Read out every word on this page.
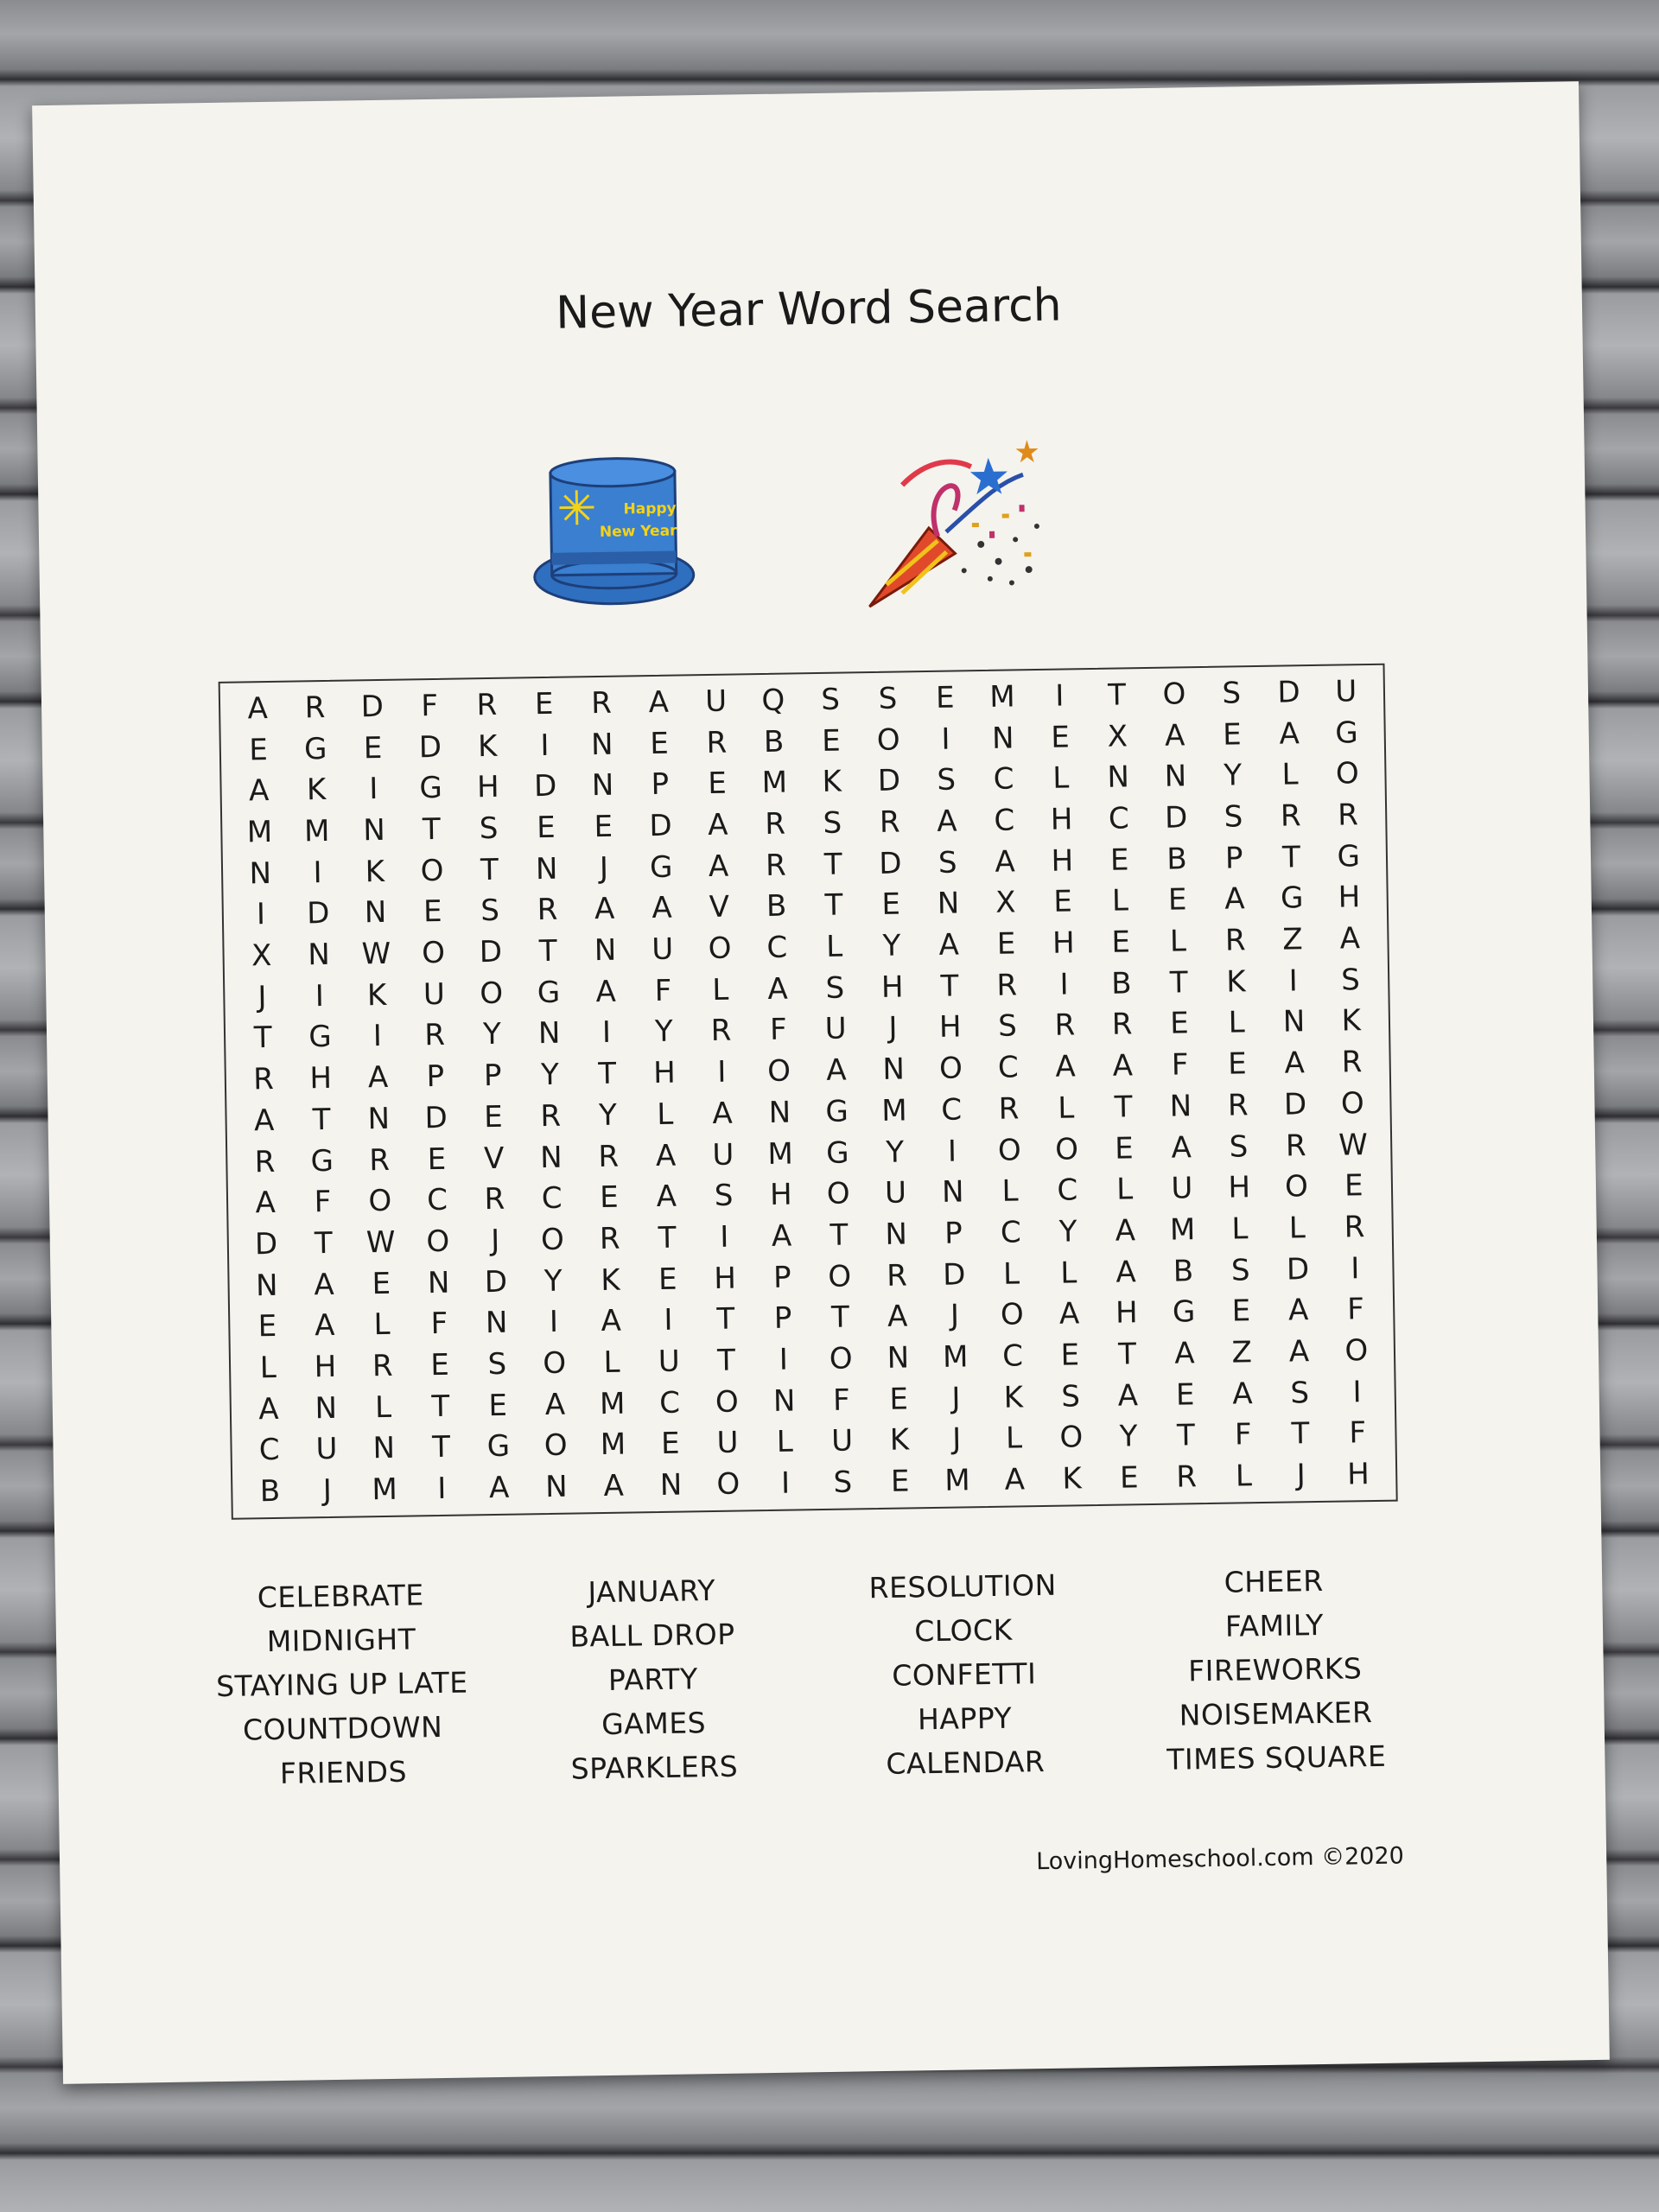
New Year Word Search
Happy
New Year
A	R	D	F	R	E	R	A	U	Q	S	S	E	M	I	T	O	S	D	U
E	G	E	D	K	I	N	E	R	B	E	O	I	N	E	X	A	E	A	G
A	K	I	G	H	D	N	P	E	M	K	D	S	C	L	N	N	Y	L	O
M	M	N	T	S	E	E	D	A	R	S	R	A	C	H	C	D	S	R	R
N	I	K	O	T	N	J	G	A	R	T	D	S	A	H	E	B	P	T	G
I	D	N	E	S	R	A	A	V	B	T	E	N	X	E	L	E	A	G	H
X	N	W	O	D	T	N	U	O	C	L	Y	A	E	H	E	L	R	Z	A
J	I	K	U	O	G	A	F	L	A	S	H	T	R	I	B	T	K	I	S
T	G	I	R	Y	N	I	Y	R	F	U	J	H	S	R	R	E	L	N	K
R	H	A	P	P	Y	T	H	I	O	A	N	O	C	A	A	F	E	A	R
A	T	N	D	E	R	Y	L	A	N	G	M	C	R	L	T	N	R	D	O
R	G	R	E	V	N	R	A	U	M	G	Y	I	O	O	E	A	S	R	W
A	F	O	C	R	C	E	A	S	H	O	U	N	L	C	L	U	H	O	E
D	T	W	O	J	O	R	T	I	A	T	N	P	C	Y	A	M	L	L	R
N	A	E	N	D	Y	K	E	H	P	O	R	D	L	L	A	B	S	D	I
E	A	L	F	N	I	A	I	T	P	T	A	J	O	A	H	G	E	A	F
L	H	R	E	S	O	L	U	T	I	O	N	M	C	E	T	A	Z	A	O
A	N	L	T	E	A	M	C	O	N	F	E	J	K	S	A	E	A	S	I
C	U	N	T	G	O	M	E	U	L	U	K	J	L	O	Y	T	F	T	F
B	J	M	I	A	N	A	N	O	I	S	E	M	A	K	E	R	L	J	H
CELEBRATE
MIDNIGHT
STAYING UP LATE
COUNTDOWN
FRIENDS
JANUARY
BALL DROP
PARTY
GAMES
SPARKLERS
RESOLUTION
CLOCK
CONFETTI
HAPPY
CALENDAR
CHEER
FAMILY
FIREWORKS
NOISEMAKER
TIMES SQUARE
LovingHomeschool.com ©2020
